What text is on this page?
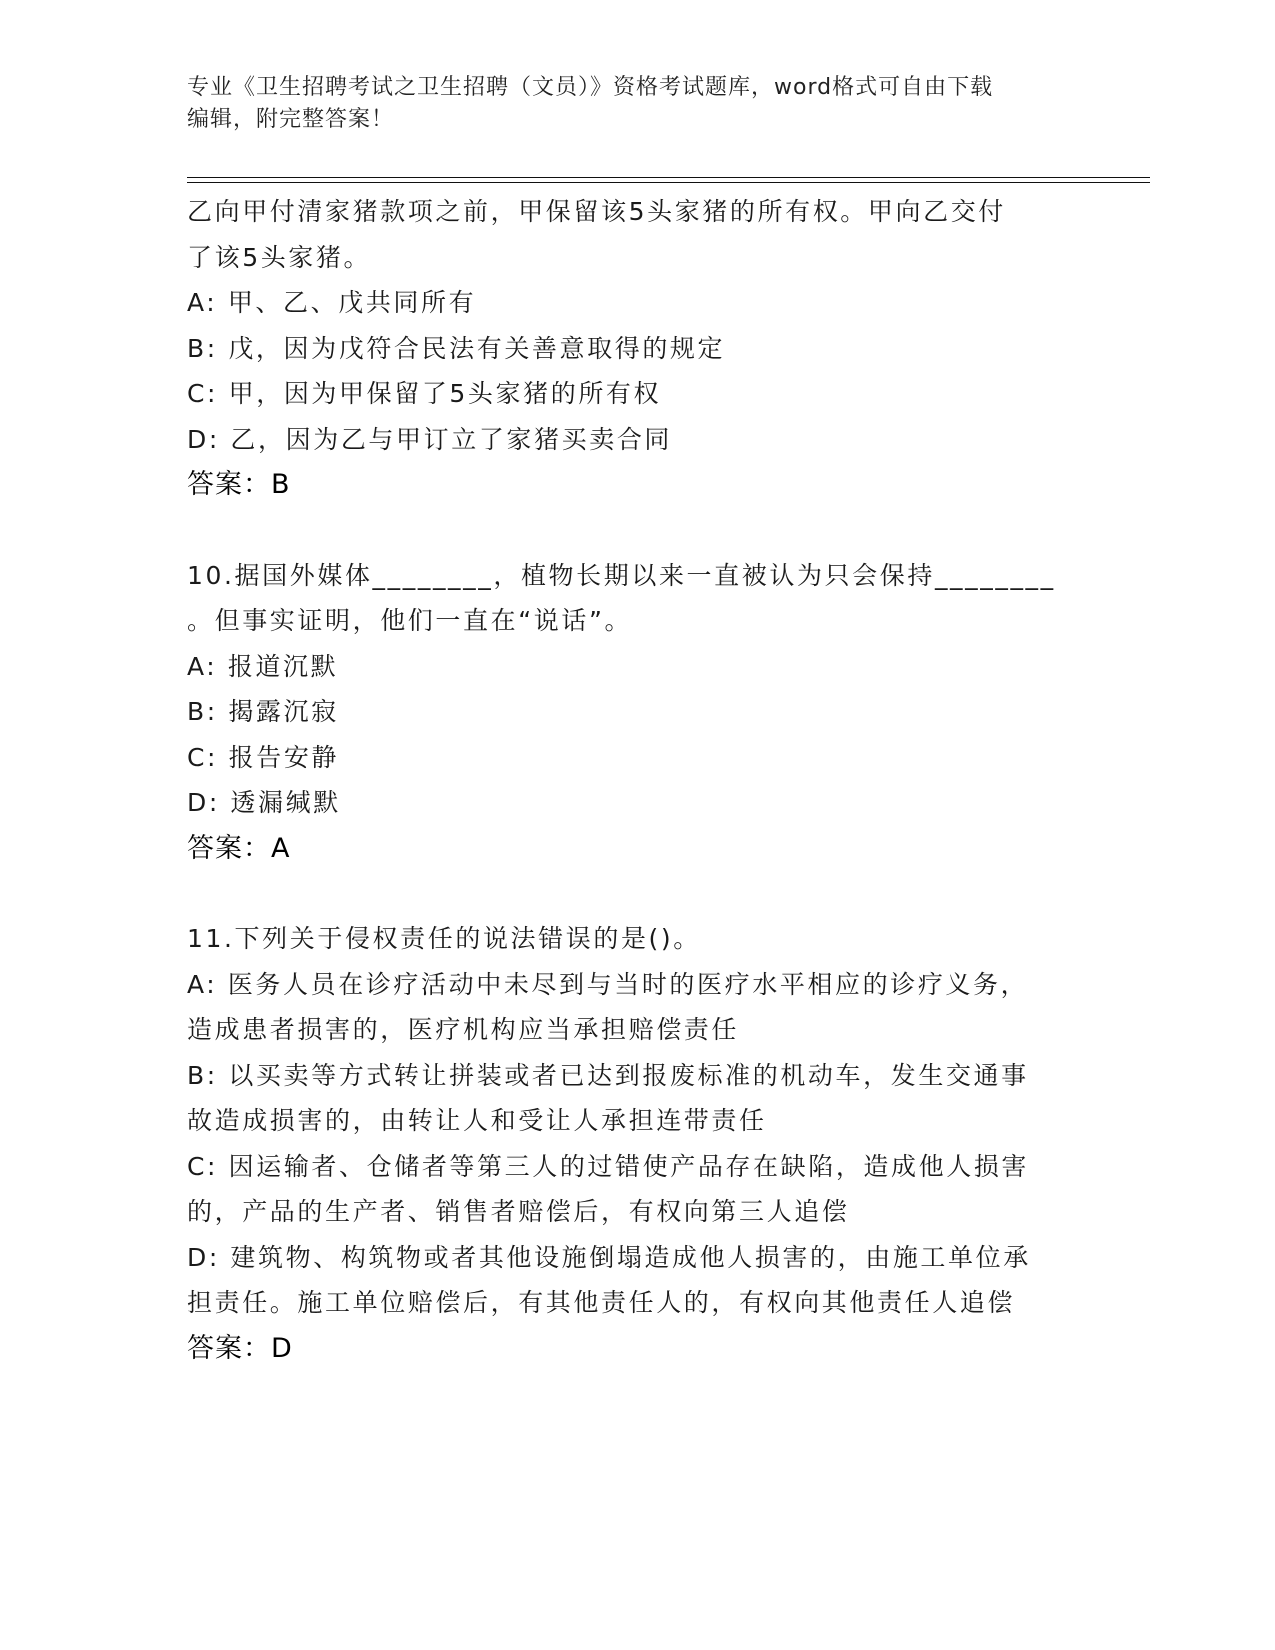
专业《卫生招聘考试之卫生招聘（文员）》资格考试题库，word格式可自由下载

编辑，附完整答案！

乙向甲付清家猪款项之前，甲保留该5头家猪的所有权。甲向乙交付

了该5头家猪。

A: 甲、乙、戊共同所有

B: 戊，因为戊符合民法有关善意取得的规定

C: 甲，因为甲保留了5头家猪的所有权

D: 乙，因为乙与甲订立了家猪买卖合同

答案：B

10.据国外媒体________，植物长期以来一直被认为只会保持________

。但事实证明，他们一直在“说话”。

A: 报道沉默

B: 揭露沉寂

C: 报告安静

D: 透漏缄默

答案：A

11.下列关于侵权责任的说法错误的是()。

A: 医务人员在诊疗活动中未尽到与当时的医疗水平相应的诊疗义务，

造成患者损害的，医疗机构应当承担赔偿责任

B: 以买卖等方式转让拼装或者已达到报废标准的机动车，发生交通事

故造成损害的，由转让人和受让人承担连带责任

C: 因运输者、仓储者等第三人的过错使产品存在缺陷，造成他人损害

的，产品的生产者、销售者赔偿后，有权向第三人追偿

D: 建筑物、构筑物或者其他设施倒塌造成他人损害的，由施工单位承

担责任。施工单位赔偿后，有其他责任人的，有权向其他责任人追偿

答案：D
